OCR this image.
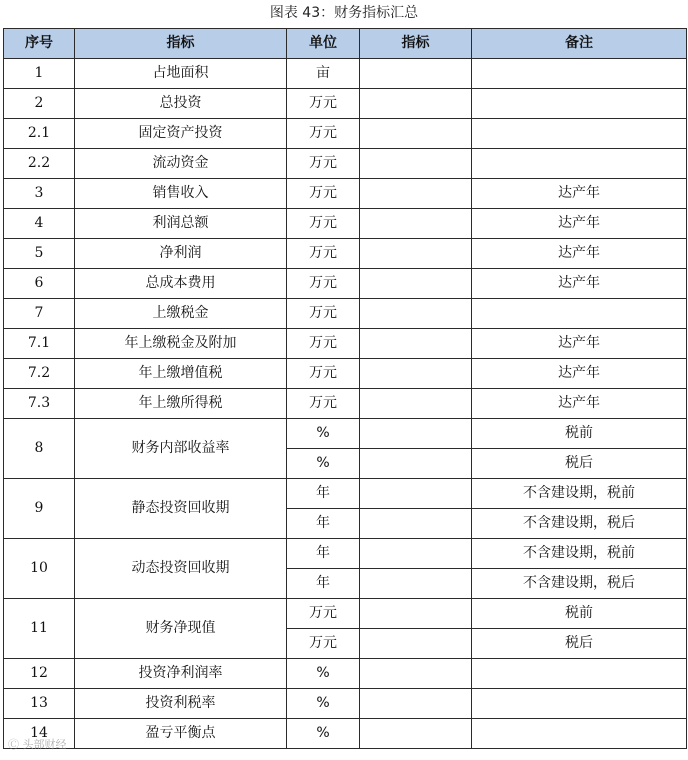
图表 43：财务指标汇总
序号	指标	单位	指标	备注
1	占地面积	亩		
2	总投资	万元		
2.1	固定资产投资	万元		
2.2	流动资金	万元		
3	销售收入	万元		达产年
4	利润总额	万元		达产年
5	净利润	万元		达产年
6	总成本费用	万元		达产年
7	上缴税金	万元		
7.1	年上缴税金及附加	万元		达产年
7.2	年上缴增值税	万元		达产年
7.3	年上缴所得税	万元		达产年
8	财务内部收益率	%		税前
		%		税后
9	静态投资回收期	年		不含建设期，税前
		年		不含建设期，税后
10	动态投资回收期	年		不含建设期，税前
		年		不含建设期，税后
11	财务净现值	万元		税前
		万元		税后
12	投资净利润率	%		
13	投资利税率	%		
14	盈亏平衡点	%		
Ⓒ 头部财经
